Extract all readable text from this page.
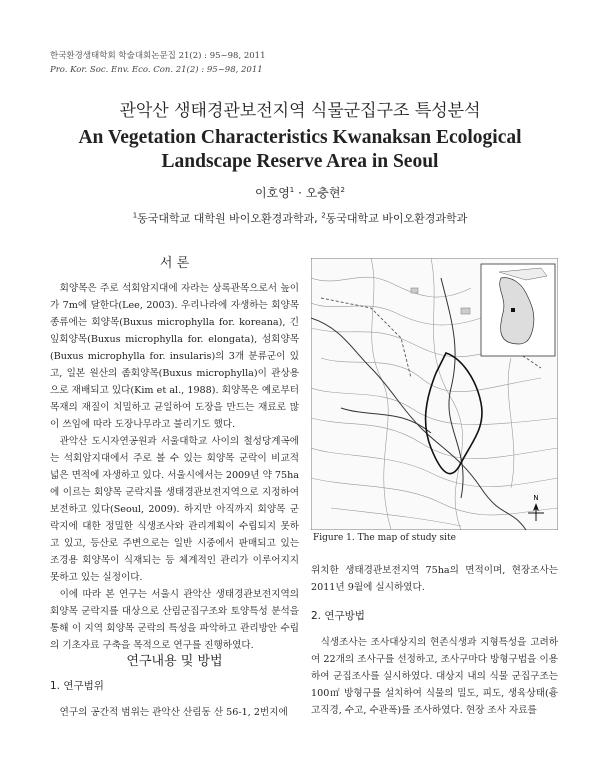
한국환경생태학회 학술대회논문집 21(2) : 95~98, 2011
Pro. Kor. Soc. Env. Eco. Con. 21(2) : 95~98, 2011
관악산 생태경관보전지역 식물군집구조 특성분석
An Vegetation Characteristics Kwanaksan Ecological
Landscape Reserve Area in Seoul
이호영$^1$ · 오충현$^2$
$^1$동국대학교 대학원 바이오환경과학과, $^2$동국대학교 바이오환경과학과
서 론

회양목은 주로 석회암지대에 자라는 상록관목으로서 높이가 7m에 달한다(Lee, 2003). 우리나라에 자생하는 회양목 종류에는 회양목(Buxus microphylla for. koreana), 긴잎회양목(Buxus microphylla for. elongata), 섬회양목(Buxus microphylla for. insularis)의 3개 분류군이 있고, 일본 원산의 좀회양목(Buxus microphylla)이 관상용으로 재배되고 있다(Kim et al., 1988). 회양목은 예로부터 목재의 재질이 치밀하고 균일하여 도장을 만드는 재료로 많이 쓰임에 따라 도장나무라고 불리기도 했다.

관악산 도시자연공원과 서울대학교 사이의 철성당계곡에는 석회암지대에서 주로 볼 수 있는 회양목 군락이 비교적 넓은 면적에 자생하고 있다. 서울시에서는 2009년 약 75ha에 이르는 회양목 군락지를 생태경관보전지역으로 지정하여 보전하고 있다(Seoul, 2009). 하지만 아직까지 회양목 군락지에 대한 정밀한 식생조사와 관리계획이 수립되지 못하고 있고, 등산로 주변으로는 일반 시중에서 판매되고 있는 조경용 회양목이 식재되는 등 체계적인 관리가 이루어지지 못하고 있는 실정이다.

이에 따라 본 연구는 서울시 관악산 생태경관보전지역의 회양목 군락지를 대상으로 산림군집구조와 토양특성 분석을 통해 이 지역 회양목 군락의 특성을 파악하고 관리방안 수립의 기초자료 구축을 목적으로 연구를 진행하였다.

연구내용 및 방법
1. 연구범위

연구의 공간적 범위는 관악산 산림동 산 56-1, 2번지에

N
Figure 1. The map of study site

위치한 생태경관보전지역 75ha의 면적이며, 현장조사는 2011년 9월에 실시하였다.

2. 연구방법

식생조사는 조사대상지의 현존식생과 지형특성을 고려하여 22개의 조사구를 선정하고, 조사구마다 방형구법을 이용하여 군집조사를 실시하였다. 대상지 내의 식물 군집구조는 100㎡ 방형구를 설치하여 식물의 밀도, 피도, 생육상태(흉고직경, 수고, 수관폭)를 조사하였다. 현장 조사 자료를
